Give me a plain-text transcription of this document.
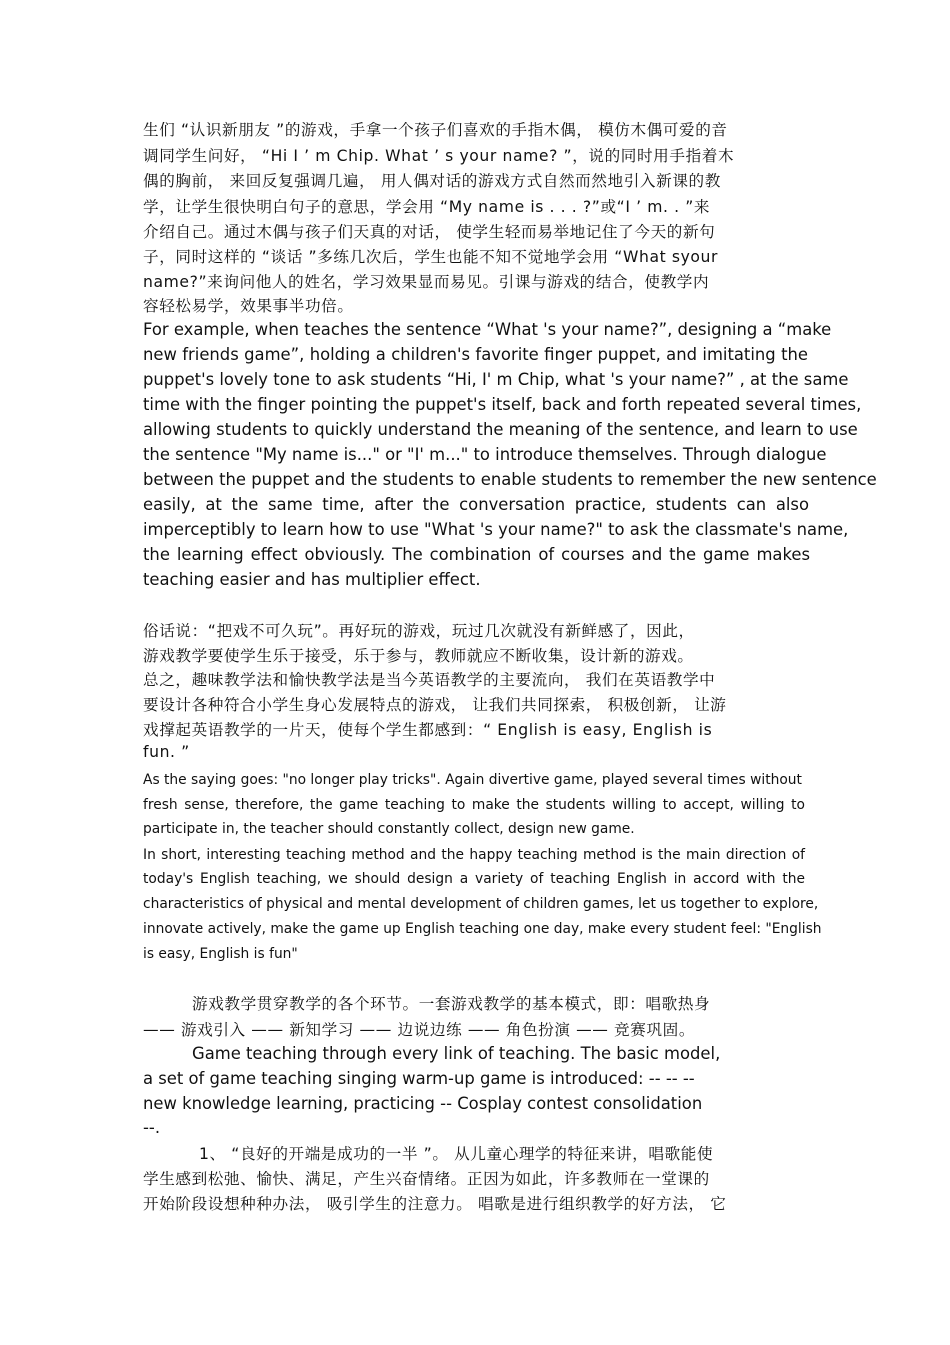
生们 “认识新朋友 ”的游戏，手拿一个孩子们喜欢的手指木偶， 模仿木偶可爱的音
调同学生问好， “Hi I ’ m Chip. What ’ s your name? ”，说的同时用手指着木
偶的胸前， 来回反复强调几遍， 用人偶对话的游戏方式自然而然地引入新课的教
学，让学生很快明白句子的意思，学会用 “My name is . . . ?”或“I ’ m. . ”来
介绍自己。通过木偶与孩子们天真的对话， 使学生轻而易举地记住了今天的新句
子，同时这样的 “谈话 ”多练几次后，学生也能不知不觉地学会用 “What syour
name?”来询问他人的姓名，学习效果显而易见。引课与游戏的结合，使教学内
容轻松易学，效果事半功倍。
For example, when teaches the sentence “What 's your name?”, designing a “make
new friends game”, holding a children's favorite finger puppet, and imitating the
puppet's lovely tone to ask students “Hi, I' m Chip, what 's your name?” , at the same
time with the finger pointing the puppet's itself, back and forth repeated several times,
allowing students to quickly understand the meaning of the sentence, and learn to use
the sentence "My name is..." or "I' m..." to introduce themselves. Through dialogue
between the puppet and the students to enable students to remember the new sentence
easily, at the same time, after the conversation practice, students can also
imperceptibly to learn how to use "What 's your name?" to ask the classmate's name,
the learning effect obviously. The combination of courses and the game makes
teaching easier and has multiplier effect.
俗话说：“把戏不可久玩”。再好玩的游戏，玩过几次就没有新鲜感了，因此，
游戏教学要使学生乐于接受，乐于参与，教师就应不断收集，设计新的游戏。
总之，趣味教学法和愉快教学法是当今英语教学的主要流向， 我们在英语教学中
要设计各种符合小学生身心发展特点的游戏， 让我们共同探索， 积极创新， 让游
戏撑起英语教学的一片天，使每个学生都感到：“ English is easy, English is
fun. ”
As the saying goes: "no longer play tricks". Again divertive game, played several times without
fresh sense, therefore, the game teaching to make the students willing to accept, willing to
participate in, the teacher should constantly collect, design new game.
In short, interesting teaching method and the happy teaching method is the main direction of
today's English teaching, we should design a variety of teaching English in accord with the
characteristics of physical and mental development of children games, let us together to explore,
innovate actively, make the game up English teaching one day, make every student feel: "English
is easy, English is fun"
游戏教学贯穿教学的各个环节。一套游戏教学的基本模式，即：唱歌热身
—— 游戏引入 —— 新知学习 —— 边说边练 —— 角色扮演 —— 竞赛巩固。
Game teaching through every link of teaching. The basic model,
a set of game teaching singing warm-up game is introduced: -- -- --
new knowledge learning, practicing -- Cosplay contest consolidation
--.
1、 “良好的开端是成功的一半 ”。 从儿童心理学的特征来讲，唱歌能使
学生感到松弛、愉快、满足，产生兴奋情绪。正因为如此，许多教师在一堂课的
开始阶段设想种种办法， 吸引学生的注意力。 唱歌是进行组织教学的好方法， 它
